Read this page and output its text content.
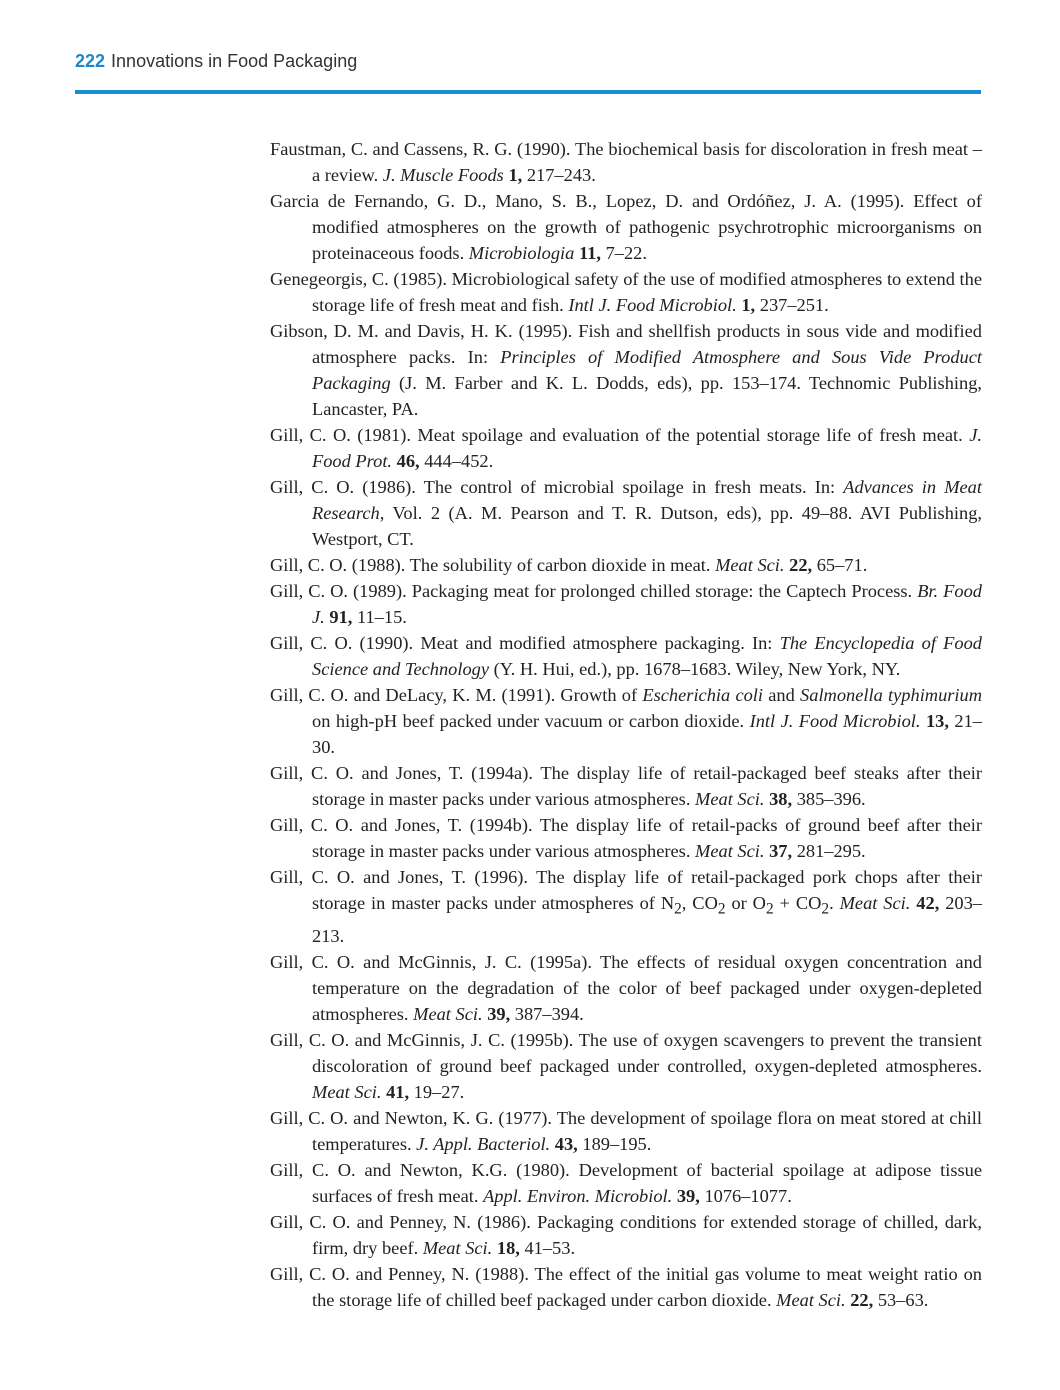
222 Innovations in Food Packaging

Faustman, C. and Cassens, R. G. (1990). The biochemical basis for discoloration in fresh meat – a review. J. Muscle Foods 1, 217–243.

Garcia de Fernando, G. D., Mano, S. B., Lopez, D. and Ordóñez, J. A. (1995). Effect of modified atmospheres on the growth of pathogenic psychrotrophic microorganisms on proteinaceous foods. Microbiologia 11, 7–22.

Genegeorgis, C. (1985). Microbiological safety of the use of modified atmospheres to extend the storage life of fresh meat and fish. Intl J. Food Microbiol. 1, 237–251.

Gibson, D. M. and Davis, H. K. (1995). Fish and shellfish products in sous vide and modified atmosphere packs. In: Principles of Modified Atmosphere and Sous Vide Product Packaging (J. M. Farber and K. L. Dodds, eds), pp. 153–174. Technomic Publishing, Lancaster, PA.

Gill, C. O. (1981). Meat spoilage and evaluation of the potential storage life of fresh meat. J. Food Prot. 46, 444–452.

Gill, C. O. (1986). The control of microbial spoilage in fresh meats. In: Advances in Meat Research, Vol. 2 (A. M. Pearson and T. R. Dutson, eds), pp. 49–88. AVI Publishing, Westport, CT.

Gill, C. O. (1988). The solubility of carbon dioxide in meat. Meat Sci. 22, 65–71.

Gill, C. O. (1989). Packaging meat for prolonged chilled storage: the Captech Process. Br. Food J. 91, 11–15.

Gill, C. O. (1990). Meat and modified atmosphere packaging. In: The Encyclopedia of Food Science and Technology (Y. H. Hui, ed.), pp. 1678–1683. Wiley, New York, NY.

Gill, C. O. and DeLacy, K. M. (1991). Growth of Escherichia coli and Salmonella typhimurium on high-pH beef packed under vacuum or carbon dioxide. Intl J. Food Microbiol. 13, 21–30.

Gill, C. O. and Jones, T. (1994a). The display life of retail-packaged beef steaks after their storage in master packs under various atmospheres. Meat Sci. 38, 385–396.

Gill, C. O. and Jones, T. (1994b). The display life of retail-packs of ground beef after their storage in master packs under various atmospheres. Meat Sci. 37, 281–295.

Gill, C. O. and Jones, T. (1996). The display life of retail-packaged pork chops after their storage in master packs under atmospheres of $N_2$, $CO_2$ or $O_2 + CO_2$. Meat Sci. 42, 203–213.

Gill, C. O. and McGinnis, J. C. (1995a). The effects of residual oxygen concentration and temperature on the degradation of the color of beef packaged under oxygen-depleted atmospheres. Meat Sci. 39, 387–394.

Gill, C. O. and McGinnis, J. C. (1995b). The use of oxygen scavengers to prevent the transient discoloration of ground beef packaged under controlled, oxygen-depleted atmospheres. Meat Sci. 41, 19–27.

Gill, C. O. and Newton, K. G. (1977). The development of spoilage flora on meat stored at chill temperatures. J. Appl. Bacteriol. 43, 189–195.

Gill, C. O. and Newton, K.G. (1980). Development of bacterial spoilage at adipose tissue surfaces of fresh meat. Appl. Environ. Microbiol. 39, 1076–1077.

Gill, C. O. and Penney, N. (1986). Packaging conditions for extended storage of chilled, dark, firm, dry beef. Meat Sci. 18, 41–53.

Gill, C. O. and Penney, N. (1988). The effect of the initial gas volume to meat weight ratio on the storage life of chilled beef packaged under carbon dioxide. Meat Sci. 22, 53–63.
